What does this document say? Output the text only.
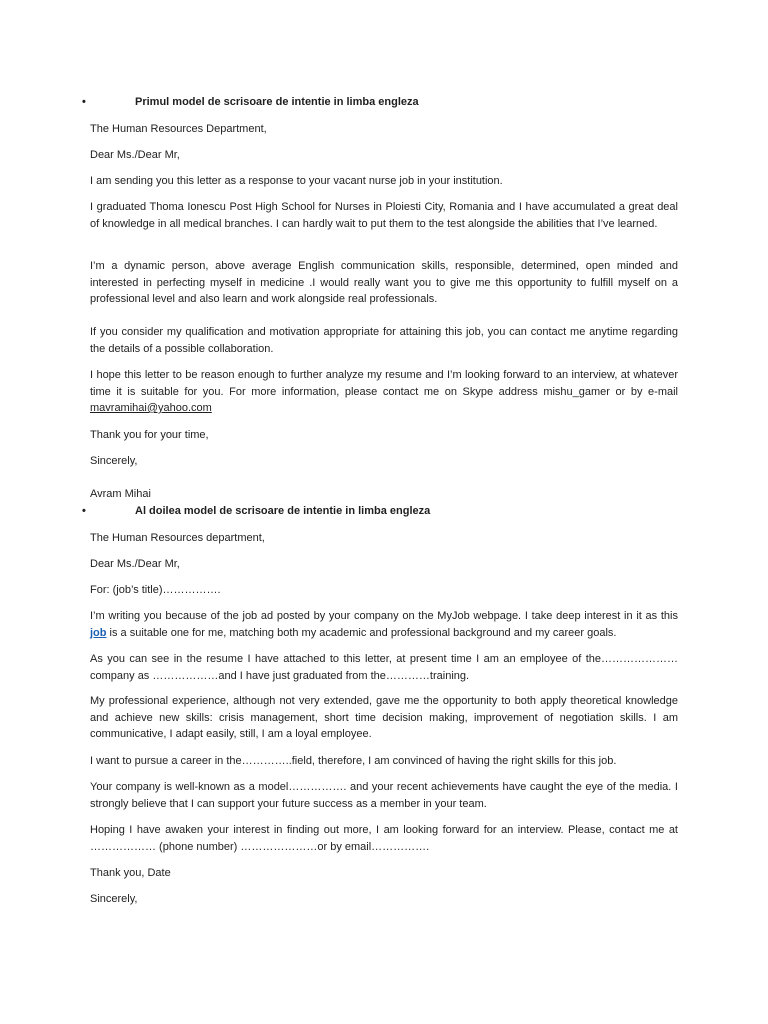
•	Primul model de scrisoare de intentie in limba engleza

The Human Resources Department,

Dear Ms./Dear Mr,

I am sending you this letter as a response to your vacant nurse job in your institution.

I graduated Thoma Ionescu Post High School for Nurses in Ploiesti City, Romania and I have accumulated a great deal of knowledge in all medical branches. I can hardly wait to put them to the test alongside the abilities that I’ve learned.

I’m a dynamic person, above average English communication skills, responsible, determined, open minded and interested in perfecting myself in medicine .I would really want you to give me this opportunity to fulfill myself on a professional level and also learn and work alongside real professionals.

If you consider my qualification and motivation appropriate for attaining this job, you can contact me anytime regarding the details of a possible collaboration.

I hope this letter to be reason enough to further analyze my resume and I’m looking forward to an interview, at whatever time it is suitable for you. For more information, please contact me on Skype address mishu_gamer or by e-mail mavramihai@yahoo.com

Thank you for your time,

Sincerely,

Avram Mihai

•	Al doilea model de scrisoare de intentie in limba engleza

The Human Resources department,

Dear Ms./Dear Mr,

For: (job’s title)…………….

I’m writing you because of the job ad posted by your company on the MyJob webpage. I take deep interest in it as this job is a suitable one for me, matching both my academic and professional background and my career goals.

As you can see in the resume I have attached to this letter, at present time I am an employee of the………………… company as ………………and I have just graduated from the…………training.

My professional experience, although not very extended, gave me the opportunity to both apply theoretical knowledge and achieve new skills: crisis management, short time decision making, improvement of negotiation skills. I am communicative, I adapt easily, still, I am a loyal employee.

I want to pursue a career in the…………..field, therefore, I am convinced of having the right skills for this job.

Your company is well-known as a model……………. and your recent achievements have caught the eye of the media. I strongly believe that I can support your future success as a member in your team.

Hoping I have awaken your interest in finding out more, I am looking forward for an interview. Please, contact me at ……………… (phone number) …………………or by email…………….

Thank you, Date

Sincerely,
